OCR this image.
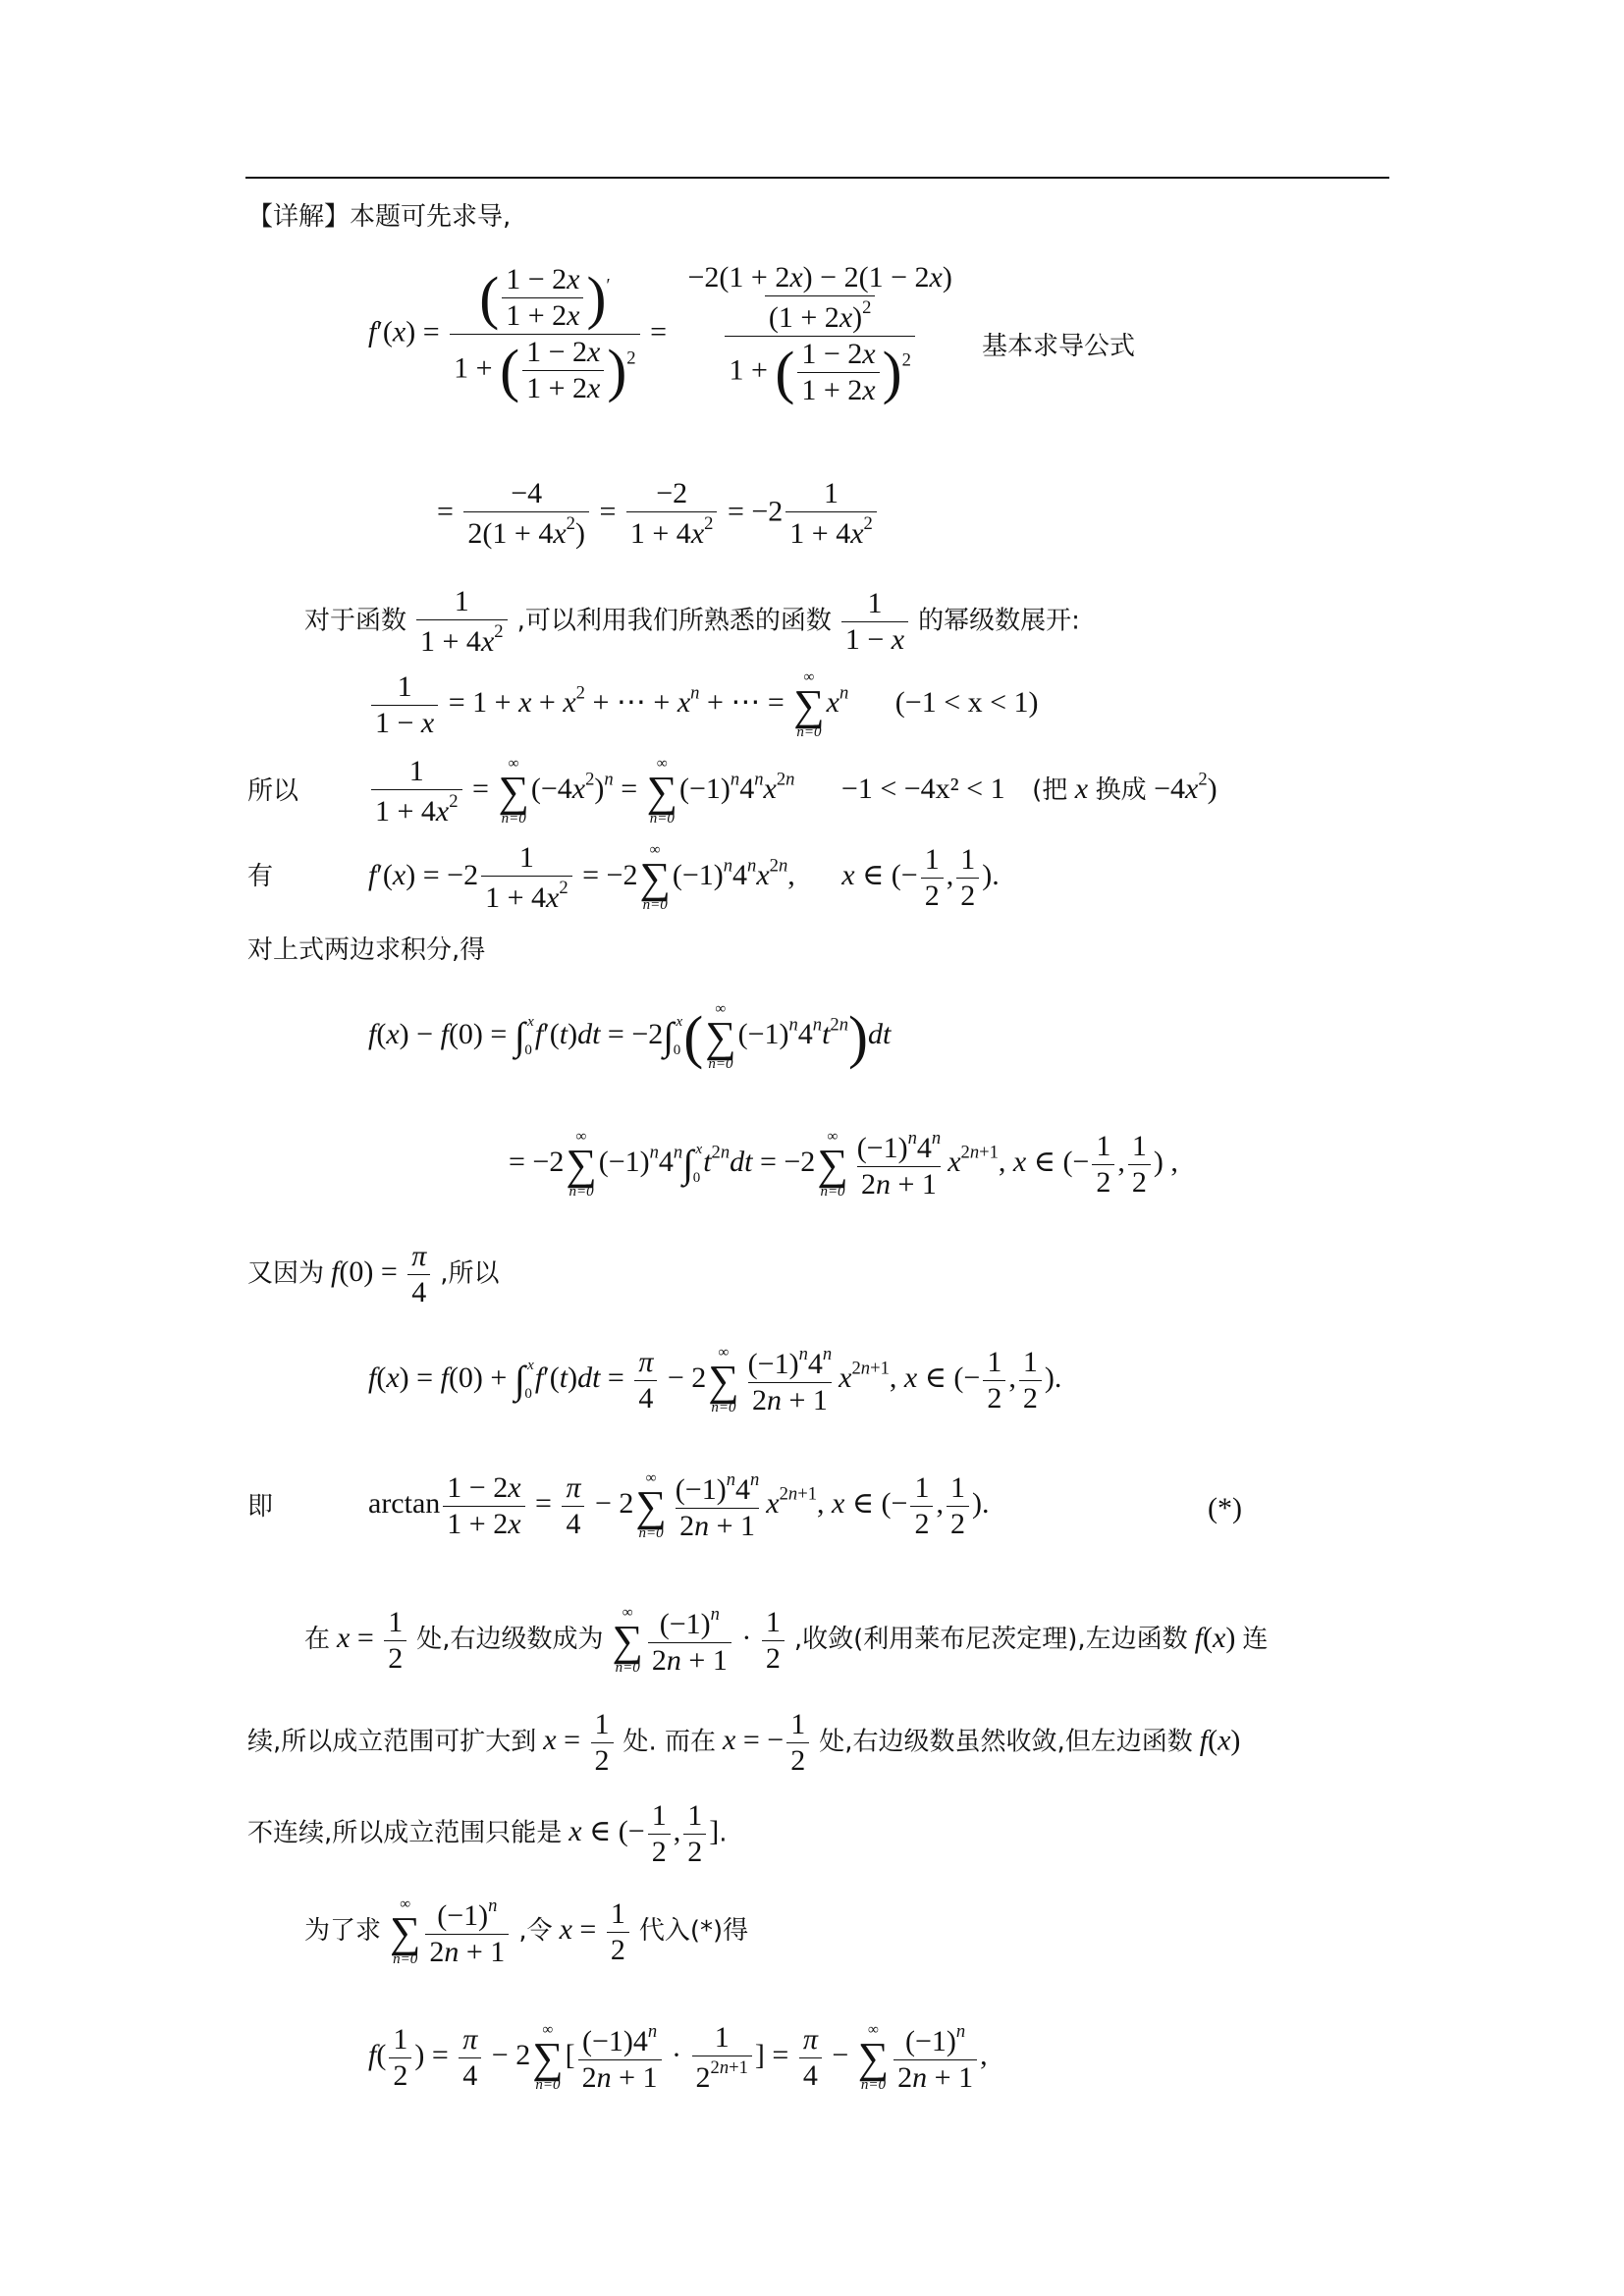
【详解】本题可先求导,
$f'(x) = \frac{( \frac{1 - 2x}{1 + 2x} )'}{1 + ( \frac{1 - 2x}{1 + 2x} )^2} = \frac{\frac{-2(1 + 2x) - 2(1 - 2x)}{(1 + 2x)^2}}{1 + ( \frac{1 - 2x}{1 + 2x} )^2}$ 基本求导公式
= $\frac{-4}{2(1 + 4x^2)} = \frac{-2}{1 + 4x^2} = -2 \frac{1}{1 + 4x^2}$
对于函数 $\frac{1}{1 + 4x^2}$ ,可以利用我们所熟悉的函数 $\frac{1}{1 - x}$ 的幂级数展开:
$\frac{1}{1 - x} = 1 + x + x^2$ + ⋯ + $x^n$ + ⋯ =
∞
∑
n=0
$x^n$ (−1 < x < 1)
所以 $\frac{1}{1 + 4x^2}$ =
∞
∑
n=0
$(-4x^2)^n$ =
∞
∑
n=0
$(-1)^n4^nx^{2n} -1 < -4x^2 < 1$ (把 x 换成 $-4x^2$)
有	$f'(x) = -2 \frac{1}{1 + 4x^2} = -2$
∞
∑
n=0
$(-1)^n4^nx^{2n}$, x ∈ (− $\frac{1}{2}$ , $\frac{1}{2}$ ).
对上式两边求积分,得
f(x) − f(0) = ∫ x
0
f′(t)dt = −2∫ x
0 ( ∞
∑
n=0
$(-1)^n4^nt^{2n})dt$
= −2
∞
∑
n=0
$(-1)^n4^n\int$ x
0
$t^{2n}dt = -2$
∞
∑
$n=0 \frac{(-1)^n4^n}{2n + 1} x^{2n+1}$, x ∈ (− $\frac{1}{2}$ , $\frac{1}{2}$ ) ,
又因为 $f(0) = \frac{\pi}{4}$ ,所以
f(x) = f(0) + ∫ x
0
$f'(t)dt = \frac{\pi}{4} - 2$
∞
∑
$n=0 \frac{(-1)^n4^n}{2n + 1} x^{2n+1}$, x ∈ (− $\frac{1}{2}$ , $\frac{1}{2}$ ).
即	$\arctan \frac{1 - 2x}{1 + 2x} = \frac{\pi}{4} - 2$
∞
∑
$n=0 \frac{(-1)^n4^n}{2n + 1} x^{2n+1}$, x ∈ (− $\frac{1}{2}$ , $\frac{1}{2}$ ).	(*)
在 $x = \frac{1}{2}$ 处,右边级数成为
∞
∑
$n=0 \frac{(-1)^n}{2n + 1} \cdot \frac{1}{2}$ ,收敛(利用莱布尼茨定理),左边函数 f(x) 连
续,所以成立范围可扩大到 $x = \frac{1}{2}$ 处. 而在 x = − $\frac{1}{2}$ 处,右边级数虽然收敛,但左边函数 f(x)
不连续,所以成立范围只能是 x ∈ (− $\frac{1}{2}$ , $\frac{1}{2}$ ].
为了求
∞
∑
$n=0 \frac{(-1)^n}{2n + 1}$ ,令 $x = \frac{1}{2}$ 代入(*)得
$f( \frac{1}{2}$ ) = $\frac{\pi}{4} - 2$
∞
∑
n=0
[ $\frac{(-1)4^n}{2n + 1} \cdot \frac{1}{2^{2n+1}}$ ] = $\frac{\pi}{4}$ −
∞
∑
$n=0 \frac{(-1)^n}{2n + 1}$ ,
